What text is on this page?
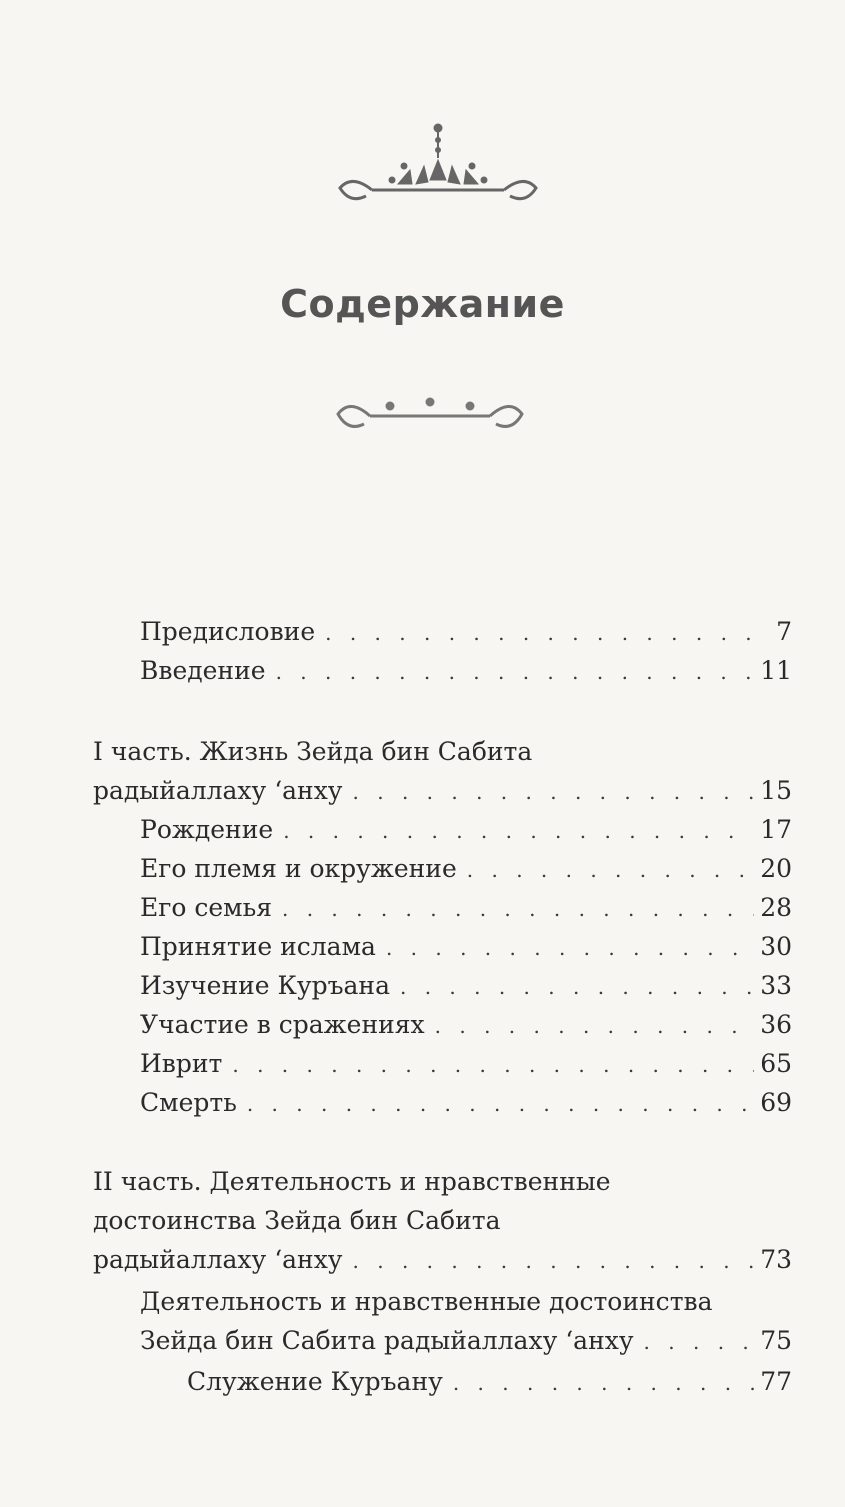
Содержание
Предисловие . . .	7
Введение . . .	11
I часть. Жизнь Зейда бин Сабита
радыйаллаху ‘анху . . .	15
Рождение . . .	17
Его племя и окружение . . .	20
Его семья . . .	28
Принятие ислама . . .	30
Изучение Куръана . . .	33
Участие в сражениях . . .	36
Иврит . . .	65
Смерть . . .	69
II часть. Деятельность и нравственные
достоинства Зейда бин Сабита
радыйаллаху ‘анху . . .	73
Деятельность и нравственные достоинства
Зейда бин Сабита радыйаллаху ‘анху . . .	75
Служение Куръану . . .	77
